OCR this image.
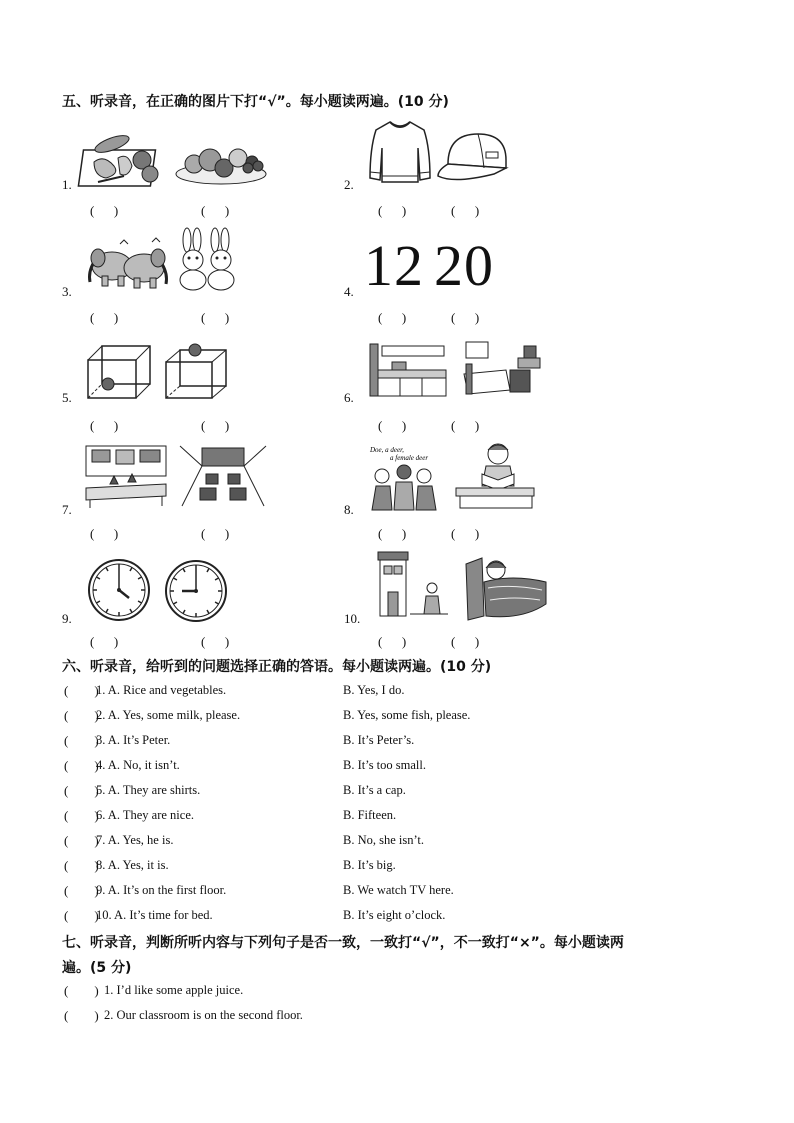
五、听录音，在正确的图片下打“√”。每小题读两遍。(10 分)
1.
(      )	(      )
2.
(      )	(      )
3.
(      )	(      )
4. 12 20
(      )	(      )
5.
(      )	(      )
6.
(      )	(      )
7.
(      )	(      )
8.
Doe, a deer,
a female deer
(      )	(      )
9.
(      )	(      )
10.
(      )	(      )
六、听录音，给听到的问题选择正确的答语。每小题读两遍。(10 分)
(        )
1. A. Rice and vegetables.	B. Yes, I do.
(        )
2. A. Yes, some milk, please.	B. Yes, some fish, please.
(        )
3. A. It’s Peter.	B. It’s Peter’s.
(        )
4. A. No, it isn’t.	B. It’s too small.
(        )
5. A. They are shirts.	B. It’s a cap.
(        )
6. A. They are nice.	B. Fifteen.
(        )
7. A. Yes, he is.	B. No, she isn’t.
(        )
8. A. Yes, it is.	B. It’s big.
(        )
9. A. It’s on the first floor.	B. We watch TV here.
(        )
10. A. It’s time for bed.	B. It’s eight o’clock.
七、听录音，判断所听内容与下列句子是否一致，一致打“√”，不一致打“×”。每小题读两
遍。(5 分)
(        ) 1. I’d like some apple juice.
(        ) 2. Our classroom is on the second floor.
